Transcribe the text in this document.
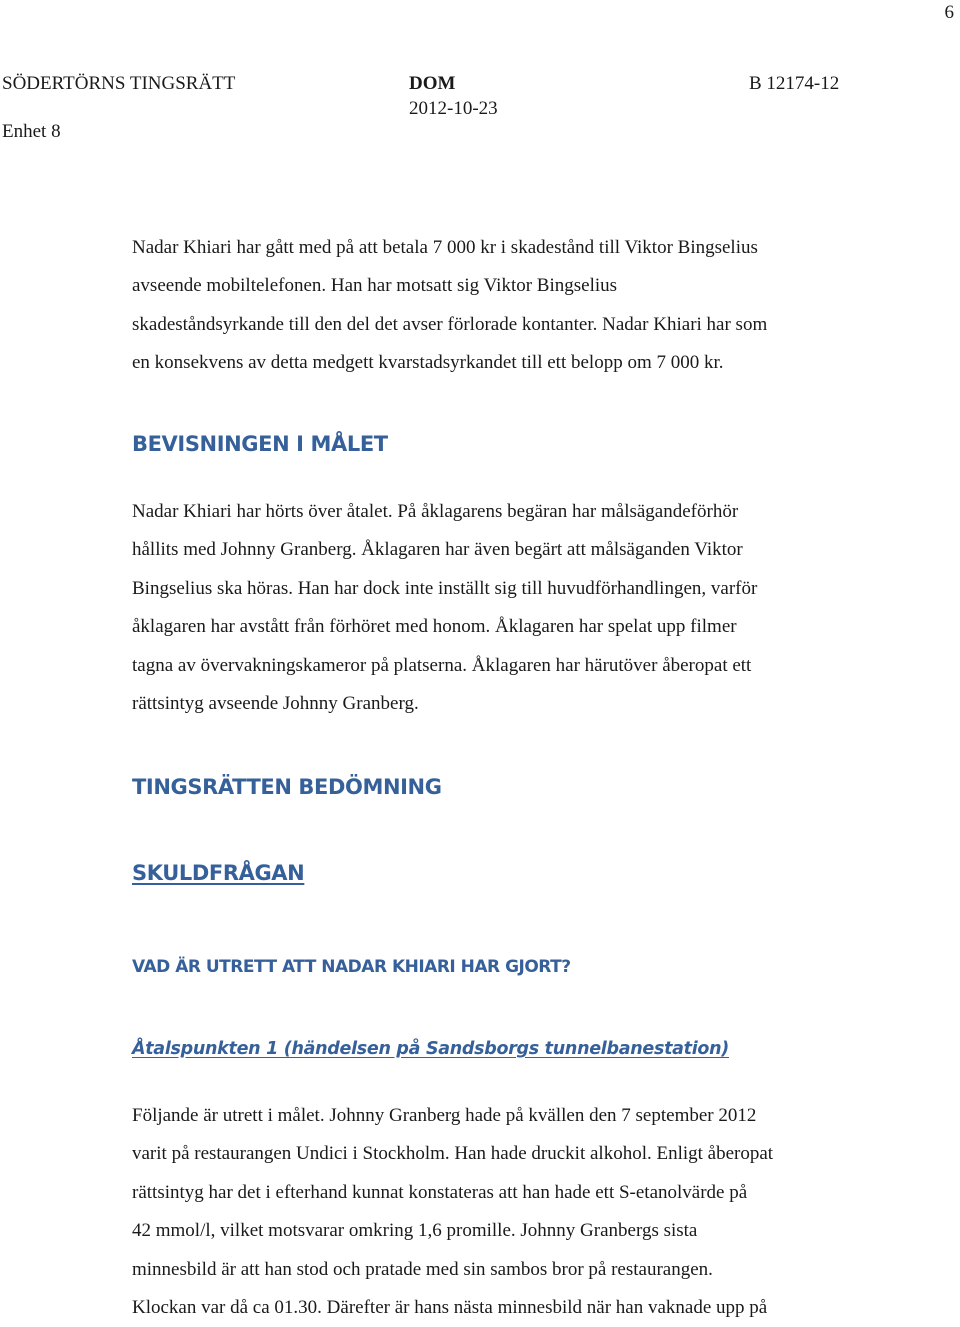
6
SÖDERTÖRNS TINGSRÄTT
Enhet 8
DOM
2012-10-23
B 12174-12

Nadar Khiari har gått med på att betala 7 000 kr i skadestånd till Viktor Bingselius
avseende mobiltelefonen. Han har motsatt sig Viktor Bingselius
skadeståndsyrkande till den del det avser förlorade kontanter. Nadar Khiari har som
en konsekvens av detta medgett kvarstadsyrkandet till ett belopp om 7 000 kr.

BEVISNINGEN I MÅLET

Nadar Khiari har hörts över åtalet. På åklagarens begäran har målsägandeförhör
hållits med Johnny Granberg. Åklagaren har även begärt att målsäganden Viktor
Bingselius ska höras. Han har dock inte inställt sig till huvudförhandlingen, varför
åklagaren har avstått från förhöret med honom. Åklagaren har spelat upp filmer
tagna av övervakningskameror på platserna. Åklagaren har härutöver åberopat ett
rättsintyg avseende Johnny Granberg.

TINGSRÄTTEN BEDÖMNING
SKULDFRÅGAN
VAD ÄR UTRETT ATT NADAR KHIARI HAR GJORT?
Åtalspunkten 1 (händelsen på Sandsborgs tunnelbanestation)

Följande är utrett i målet. Johnny Granberg hade på kvällen den 7 september 2012
varit på restaurangen Undici i Stockholm. Han hade druckit alkohol. Enligt åberopat
rättsintyg har det i efterhand kunnat konstateras att han hade ett S-etanolvärde på
42 mmol/l, vilket motsvarar omkring 1,6 promille. Johnny Granbergs sista
minnesbild är att han stod och pratade med sin sambos bror på restaurangen.
Klockan var då ca 01.30. Därefter är hans nästa minnesbild när han vaknade upp på
